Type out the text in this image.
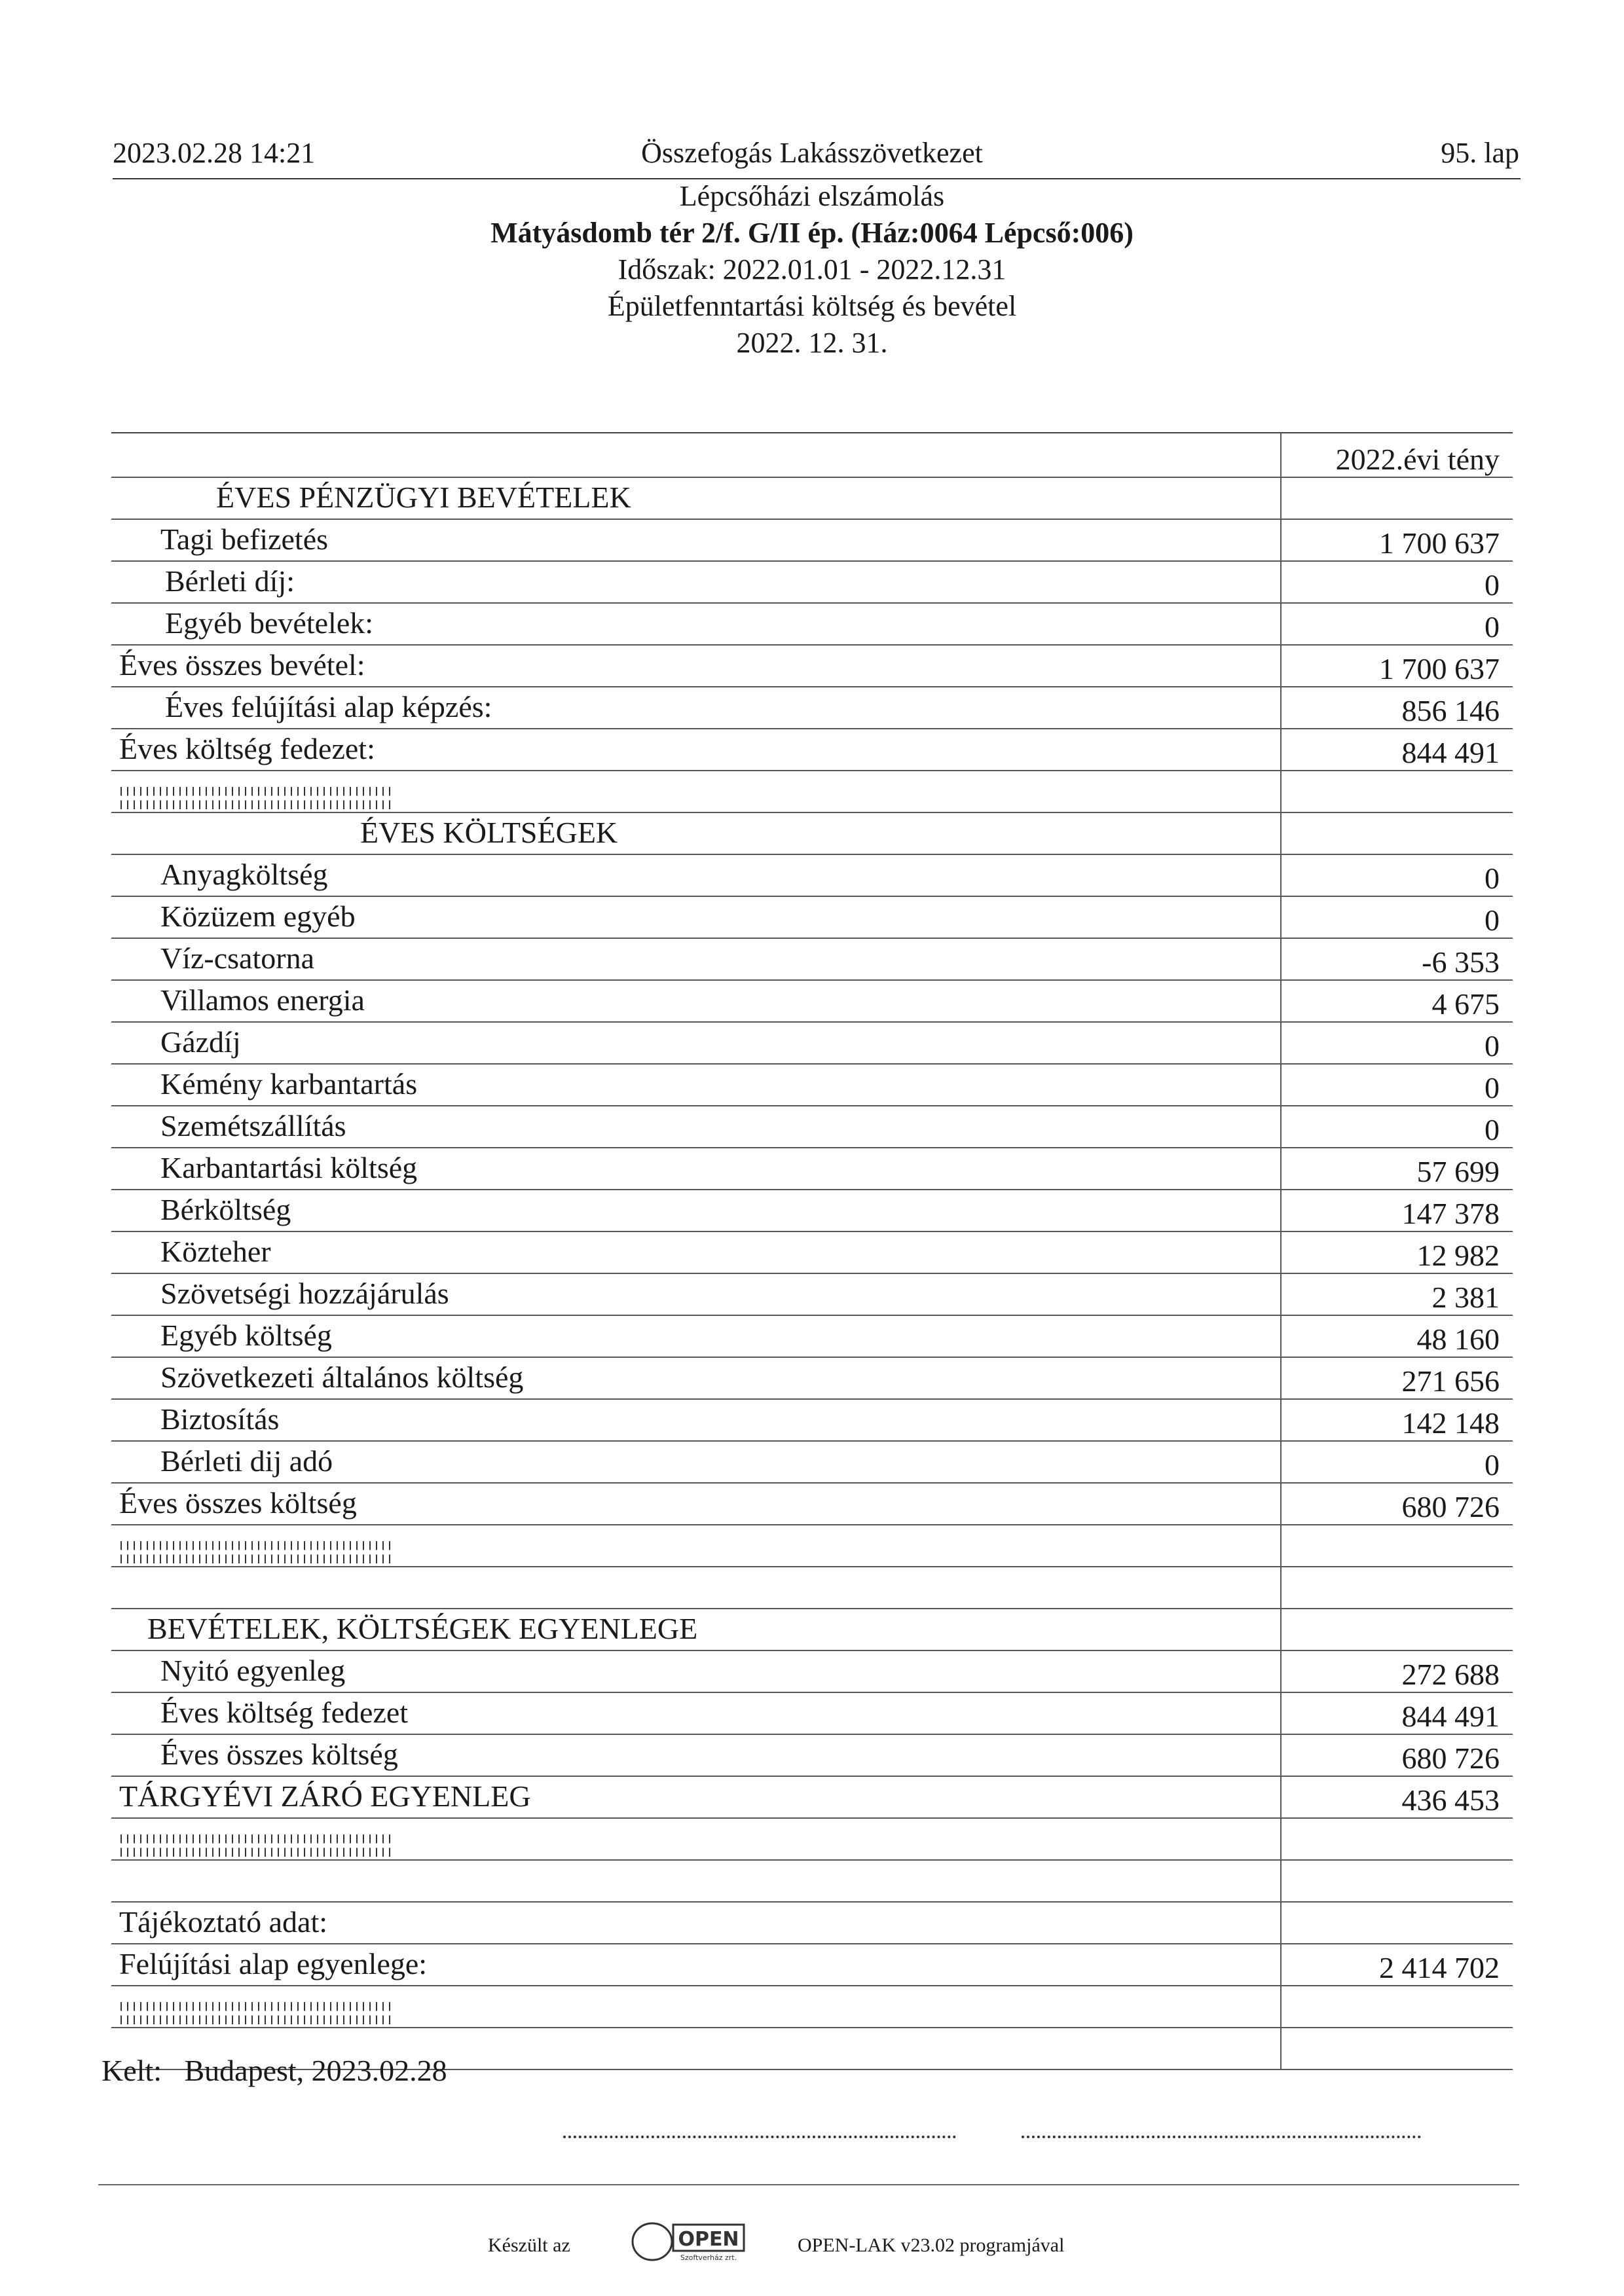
2023.02.28 14:21	Összefogás Lakásszövetkezet	95. lap
Lépcsőházi elszámolás
Mátyásdomb tér 2/f. G/II ép. (Ház:0064 Lépcső:006)
Időszak: 2022.01.01 - 2022.12.31
Épületfenntartási költség és bevétel
2022. 12. 31.
2022.évi tény
ÉVES PÉNZÜGYI BEVÉTELEK
Tagi befizetés	1 700 637
Bérleti díj:	0
Egyéb bevételek:	0
Éves összes bevétel:	1 700 637
Éves felújítási alap képzés:	856 146
Éves költség fedezet:	844 491
ÉVES KÖLTSÉGEK
Anyagköltség	0
Közüzem egyéb	0
Víz-csatorna	-6 353
Villamos energia	4 675
Gázdíj	0
Kémény karbantartás	0
Szemétszállítás	0
Karbantartási költség	57 699
Bérköltség	147 378
Közteher	12 982
Szövetségi hozzájárulás	2 381
Egyéb költség	48 160
Szövetkezeti általános költség	271 656
Biztosítás	142 148
Bérleti dij adó	0
Éves összes költség	680 726
BEVÉTELEK, KÖLTSÉGEK EGYENLEGE
Nyitó egyenleg	272 688
Éves költség fedezet	844 491
Éves összes költség	680 726
TÁRGYÉVI ZÁRÓ EGYENLEG	436 453
Tájékoztató adat:
Felújítási alap egyenlege:	2 414 702
Kelt: Budapest, 2023.02.28
Készült az	OPEN
Szoftverház zrt.
OPEN-LAK v23.02 programjával
